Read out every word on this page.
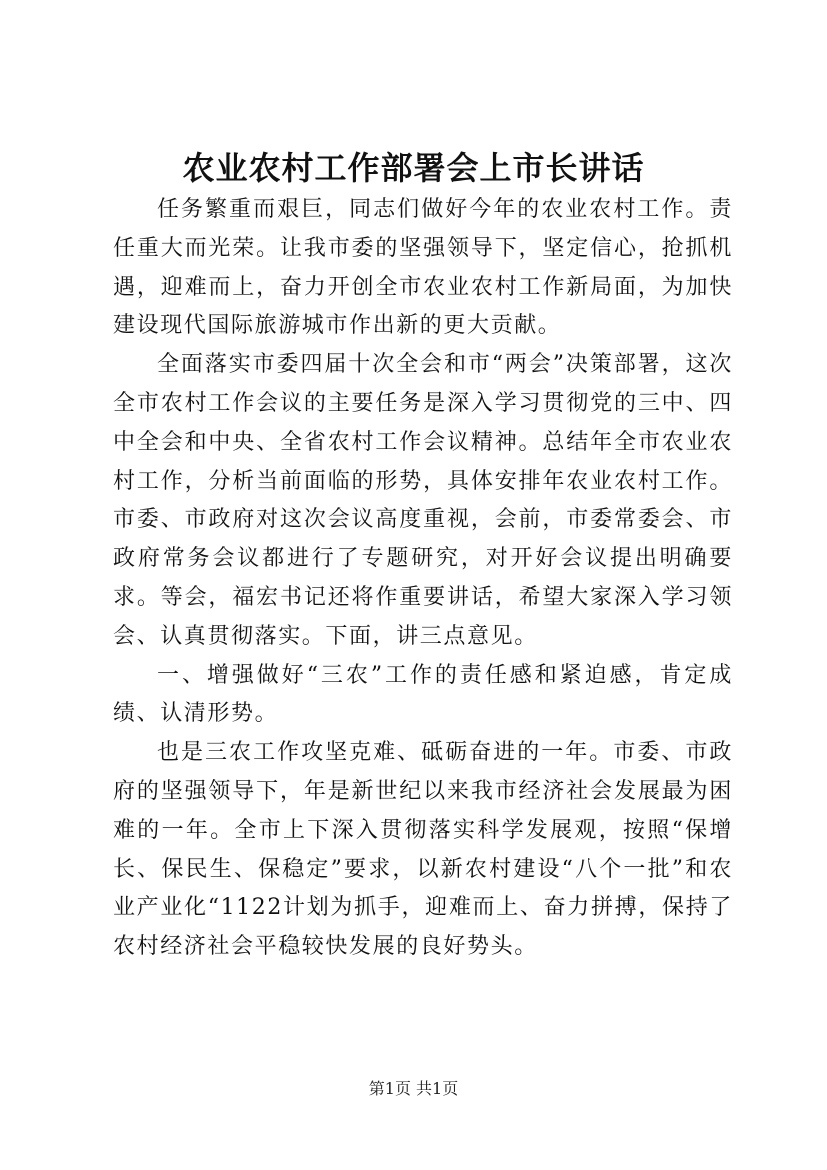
农业农村工作部署会上市长讲话

任务繁重而艰巨，同志们做好今年的农业农村工作。责任重大而光荣。让我市委的坚强领导下，坚定信心，抢抓机遇，迎难而上，奋力开创全市农业农村工作新局面，为加快建设现代国际旅游城市作出新的更大贡献。

全面落实市委四届十次全会和市“两会”决策部署，这次全市农村工作会议的主要任务是深入学习贯彻党的三中、四中全会和中央、全省农村工作会议精神。总结年全市农业农村工作，分析当前面临的形势，具体安排年农业农村工作。市委、市政府对这次会议高度重视，会前，市委常委会、市政府常务会议都进行了专题研究，对开好会议提出明确要求。等会，福宏书记还将作重要讲话，希望大家深入学习领会、认真贯彻落实。下面，讲三点意见。

一、增强做好“三农”工作的责任感和紧迫感，肯定成绩、认清形势。

也是三农工作攻坚克难、砥砺奋进的一年。市委、市政府的坚强领导下，年是新世纪以来我市经济社会发展最为困难的一年。全市上下深入贯彻落实科学发展观，按照“保增长、保民生、保稳定”要求，以新农村建设“八个一批”和农业产业化“1122计划为抓手，迎难而上、奋力拼搏，保持了农村经济社会平稳较快发展的良好势头。

第1页 共1页
